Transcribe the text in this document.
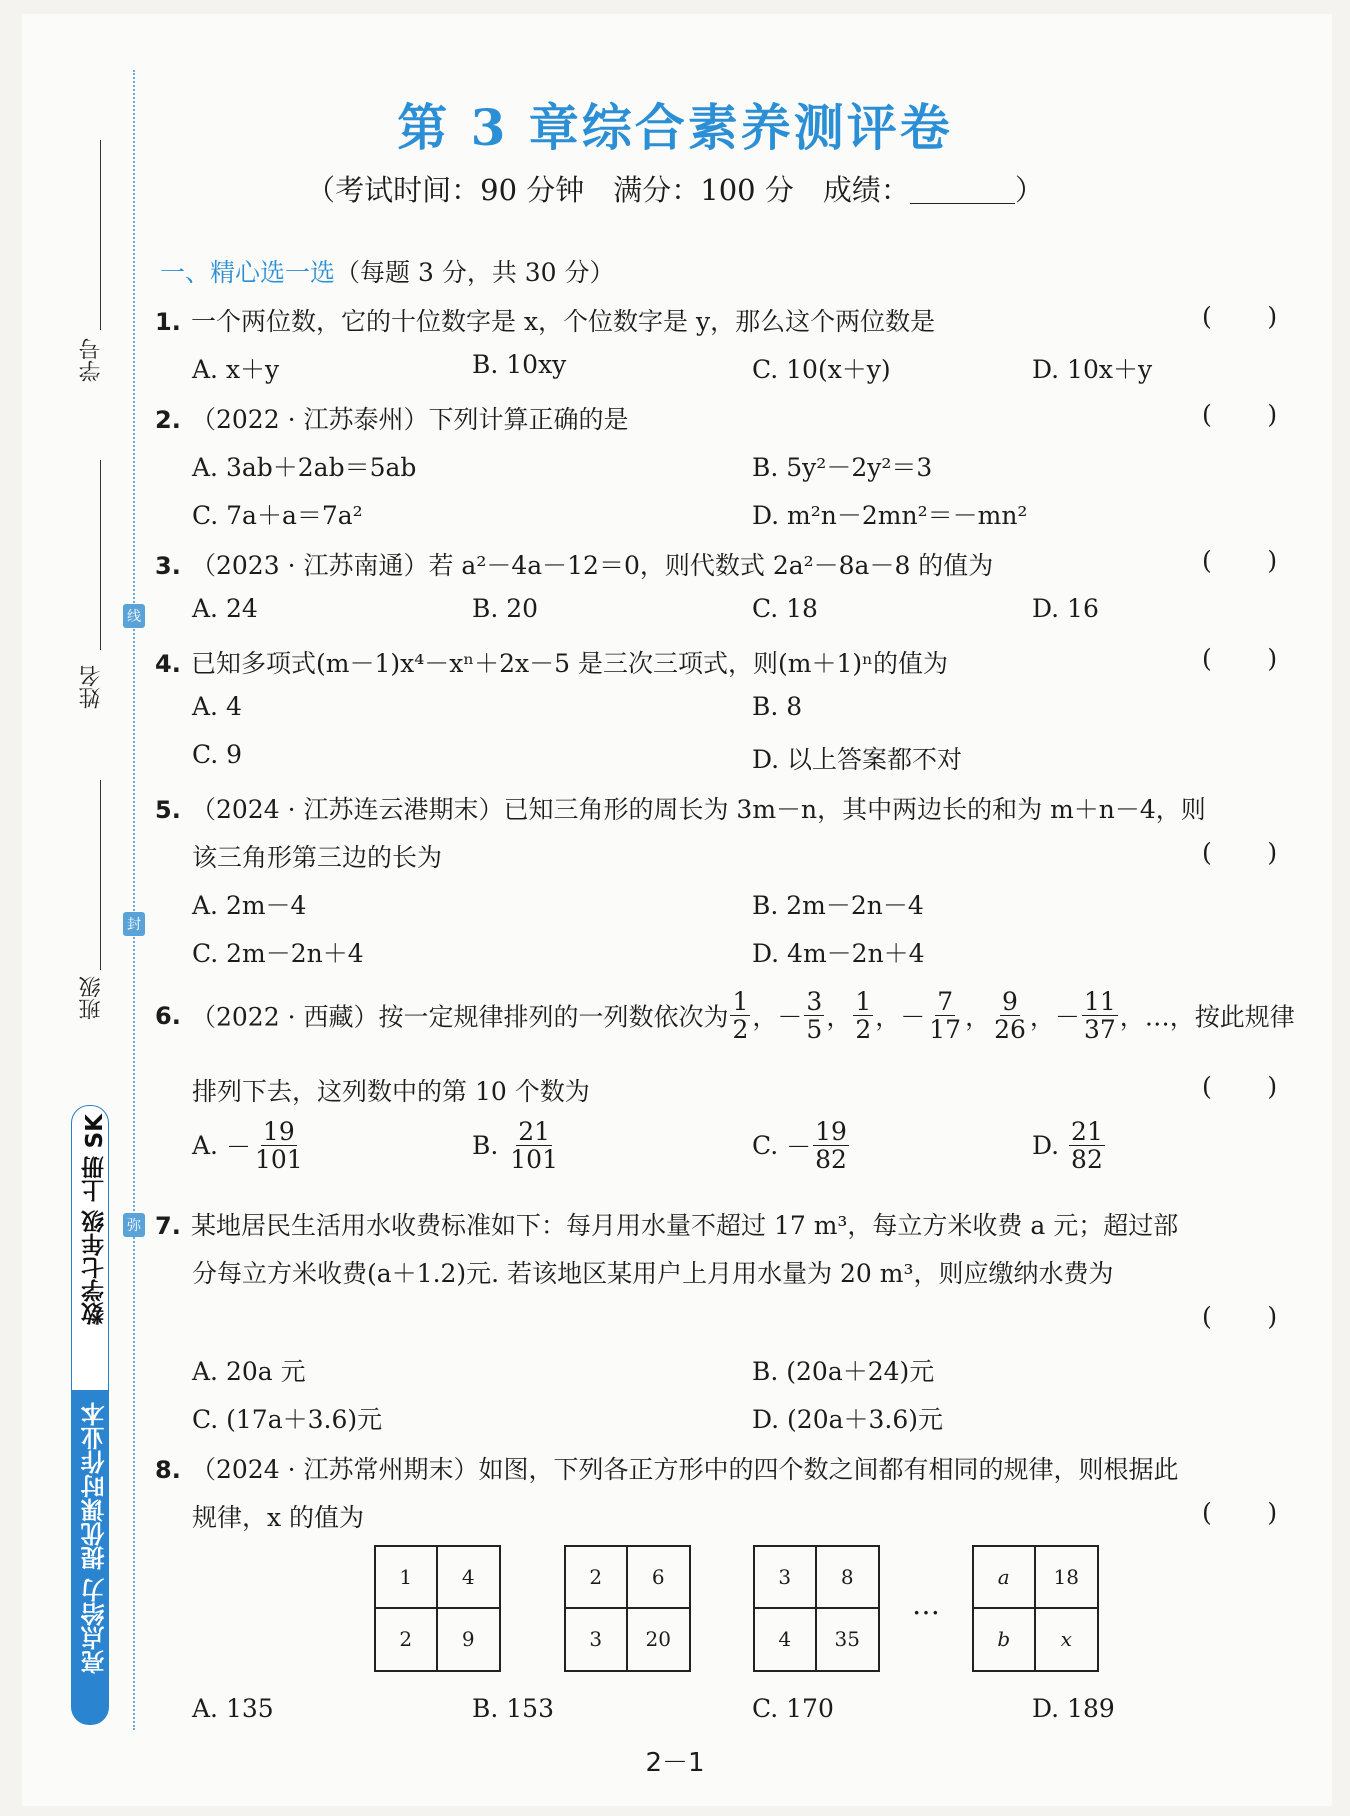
学号
姓名
班级
线
封
弥
数学七年级 上册 SK
亮点给力 提优课时作业本
第 3 章综合素养测评卷
（考试时间：90 分钟　满分：100 分　成绩：	）
一、精心选一选（每题 3 分，共 30 分）
1. 一个两位数，它的十位数字是 x，个位数字是 y，那么这个两位数是	(       )
A. x＋y	B. 10xy	C. 10(x＋y)	D. 10x＋y
2. （2022 · 江苏泰州）下列计算正确的是	(       )
A. 3ab＋2ab＝5ab	B. 5y²－2y²＝3
C. 7a＋a＝7a²	D. m²n－2mn²＝－mn²
3. （2023 · 江苏南通）若 a²－4a－12＝0，则代数式 2a²－8a－8 的值为	(       )
A. 24	B. 20	C. 18	D. 16
4. 已知多项式(m－1)x⁴－xⁿ＋2x－5 是三次三项式，则(m＋1)ⁿ的值为	(       )
A. 4	B. 8
C. 9	D. 以上答案都不对
5. （2024 · 江苏连云港期末）已知三角形的周长为 3m－n，其中两边长的和为 m＋n－4，则
该三角形第三边的长为	(       )
A. 2m－4	B. 2m－2n－4
C. 2m－2n＋4	D. 4m－2n＋4
6. （2022 · 西藏）按一定规律排列的一列数依次为 $\frac{1}{2}$ ，－ $\frac{3}{5}$ ， $\frac{1}{2}$ ，－ $\frac{7}{17}$ ， $\frac{9}{26}$ ，－ $\frac{11}{37}$ ，…，按此规律
排列下去，这列数中的第 10 个数为	(       )
A. － $\frac{19}{101}$	B. $\frac{21}{101}$	C. － $\frac{19}{82}$	D. $\frac{21}{82}$
7. 某地居民生活用水收费标准如下：每月用水量不超过 17 m³，每立方米收费 a 元；超过部
分每立方米收费(a＋1.2)元. 若该地区某用户上月用水量为 20 m³，则应缴纳水费为
(       )
A. 20a 元	B. (20a＋24)元
C. (17a＋3.6)元	D. (20a＋3.6)元
8. （2024 · 江苏常州期末）如图，下列各正方形中的四个数之间都有相同的规律，则根据此
规律，x 的值为	(       )
1	4
2	9
2	6
3	20
3	8
4	35
…
a	18
b	x
A. 135	B. 153	C. 170	D. 189
2－1
